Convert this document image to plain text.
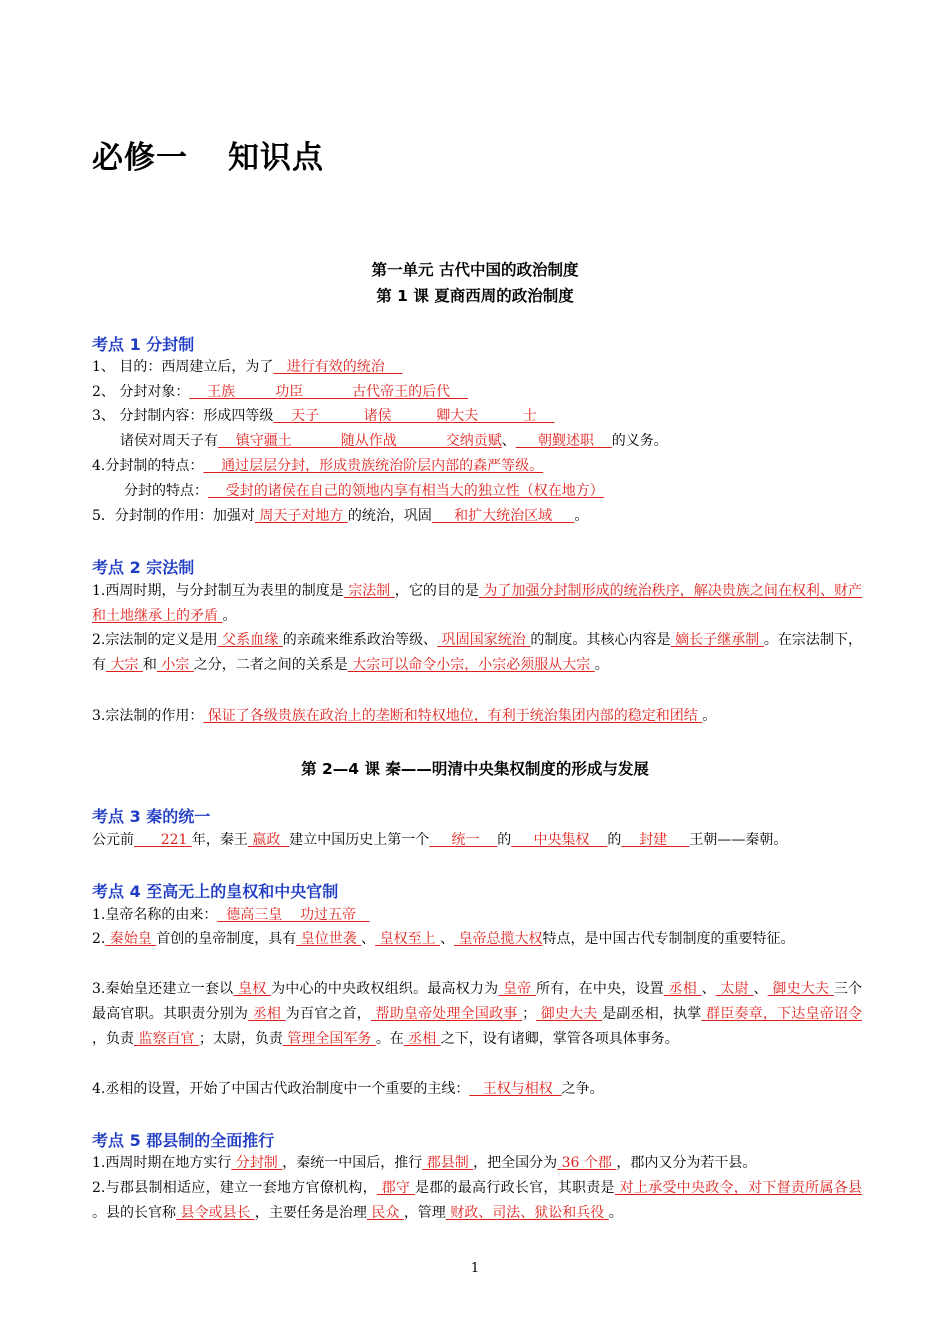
必修一 知识点
第一单元 古代中国的政治制度
第 1 课 夏商西周的政治制度
考点 1 分封制
1、 目的：西周建立后，为了   进行有效的统治
2、 分封对象：    王族         功臣           古代帝王的后代
3、 分封制内容：形成四等级    天子          诸侯          卿大夫          士
诸侯对周天子有    镇守疆土           随从作战           交纳贡赋、     朝觐述职    的义务。
4.分封制的特点：    通过层层分封，形成贵族统治阶层内部的森严等级。
分封的特点：    受封的诸侯在自己的领地内享有相当大的独立性（权在地方）
5．分封制的作用：加强对 周天子对地方 的统治，巩固     和扩大统治区域     。
考点 2 宗法制

1.西周时期，与分封制互为表里的制度是 宗法制 ，它的目的是 为了加强分封制形成的统治秩序，解决贵族之间在权利、财产和土地继承上的矛盾 。

2.宗法制的定义是用 父系血缘 的亲疏来维系政治等级、 巩固国家统治 的制度。其核心内容是 嫡长子继承制 。在宗法制下，有 大宗 和 小宗 之分，二者之间的关系是 大宗可以命令小宗，小宗必须服从大宗 。

3.宗法制的作用： 保证了各级贵族在政治上的垄断和特权地位，有利于统治集团内部的稳定和团结 。

第 2—4 课 秦——明清中央集权制度的形成与发展
考点 3 秦的统一
公元前      221 年，秦王 嬴政  建立中国历史上第一个     统一    的     中央集权    的    封建     王朝——秦朝。
考点 4 至高无上的皇权和中央官制
1.皇帝名称的由来：  德高三皇    功过五帝

2. 秦始皇 首创的皇帝制度，具有 皇位世袭 、 皇权至上 、 皇帝总揽大权特点，是中国古代专制制度的重要特征。

3.秦始皇还建立一套以 皇权 为中心的中央政权组织。最高权力为 皇帝 所有，在中央，设置 丞相 、 太尉 、 御史大夫 三个最高官职。其职责分别为 丞相 为百官之首， 帮助皇帝处理全国政事 ； 御史大夫 是副丞相，执掌 群臣奏章，下达皇帝诏令 ，负责 监察百官 ；太尉，负责 管理全国军务 。在 丞相 之下，设有诸卿，掌管各项具体事务。

4.丞相的设置，开始了中国古代政治制度中一个重要的主线：   王权与相权  之争。
考点 5 郡县制的全面推行

1.西周时期在地方实行 分封制 ，秦统一中国后，推行 郡县制 ，把全国分为 36 个郡 ，郡内又分为若干县。

2.与郡县制相适应，建立一套地方官僚机构， 郡守 是郡的最高行政长官，其职责是 对上承受中央政令，对下督责所属各县 。县的长官称 县令或县长 ，主要任务是治理 民众 ，管理 财政、司法、狱讼和兵役 。

1
